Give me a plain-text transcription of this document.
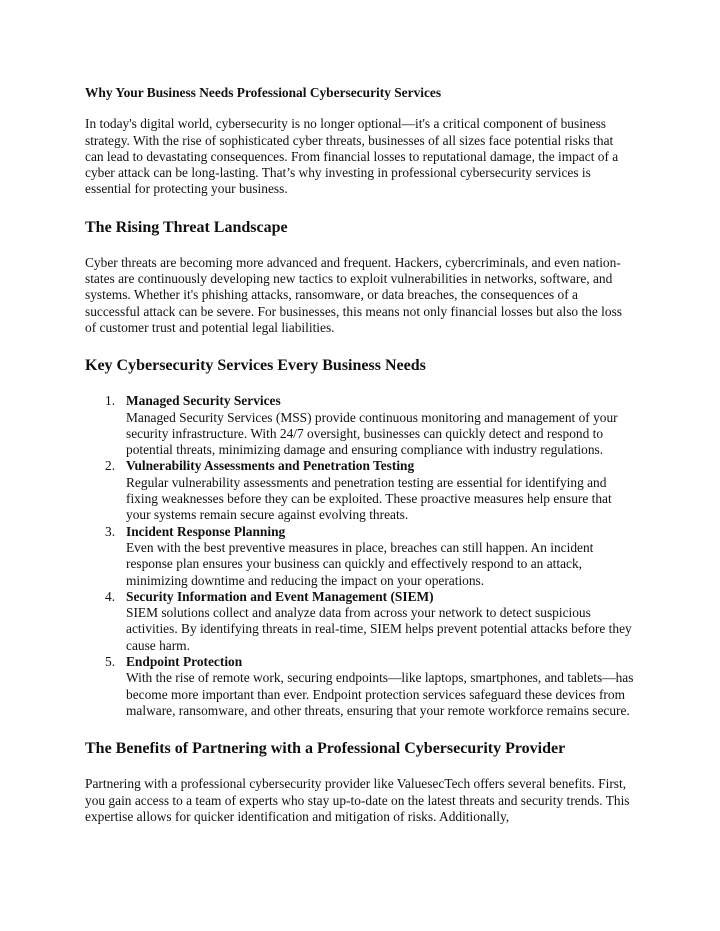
Why Your Business Needs Professional Cybersecurity Services

In today's digital world, cybersecurity is no longer optional—it's a critical component of business strategy. With the rise of sophisticated cyber threats, businesses of all sizes face potential risks that can lead to devastating consequences. From financial losses to reputational damage, the impact of a cyber attack can be long-lasting. That’s why investing in professional cybersecurity services is essential for protecting your business.

The Rising Threat Landscape

Cyber threats are becoming more advanced and frequent. Hackers, cybercriminals, and even nation-states are continuously developing new tactics to exploit vulnerabilities in networks, software, and systems. Whether it's phishing attacks, ransomware, or data breaches, the consequences of a successful attack can be severe. For businesses, this means not only financial losses but also the loss of customer trust and potential legal liabilities.

Key Cybersecurity Services Every Business Needs
1. Managed Security Services
Managed Security Services (MSS) provide continuous monitoring and management of your security infrastructure. With 24/7 oversight, businesses can quickly detect and respond to potential threats, minimizing damage and ensuring compliance with industry regulations.
2. Vulnerability Assessments and Penetration Testing
Regular vulnerability assessments and penetration testing are essential for identifying and fixing weaknesses before they can be exploited. These proactive measures help ensure that your systems remain secure against evolving threats.
3. Incident Response Planning
Even with the best preventive measures in place, breaches can still happen. An incident response plan ensures your business can quickly and effectively respond to an attack, minimizing downtime and reducing the impact on your operations.
4. Security Information and Event Management (SIEM)
SIEM solutions collect and analyze data from across your network to detect suspicious activities. By identifying threats in real-time, SIEM helps prevent potential attacks before they cause harm.
5. Endpoint Protection
With the rise of remote work, securing endpoints—like laptops, smartphones, and tablets—has become more important than ever. Endpoint protection services safeguard these devices from malware, ransomware, and other threats, ensuring that your remote workforce remains secure.
The Benefits of Partnering with a Professional Cybersecurity Provider

Partnering with a professional cybersecurity provider like ValuesecTech offers several benefits. First, you gain access to a team of experts who stay up-to-date on the latest threats and security trends. This expertise allows for quicker identification and mitigation of risks. Additionally,
